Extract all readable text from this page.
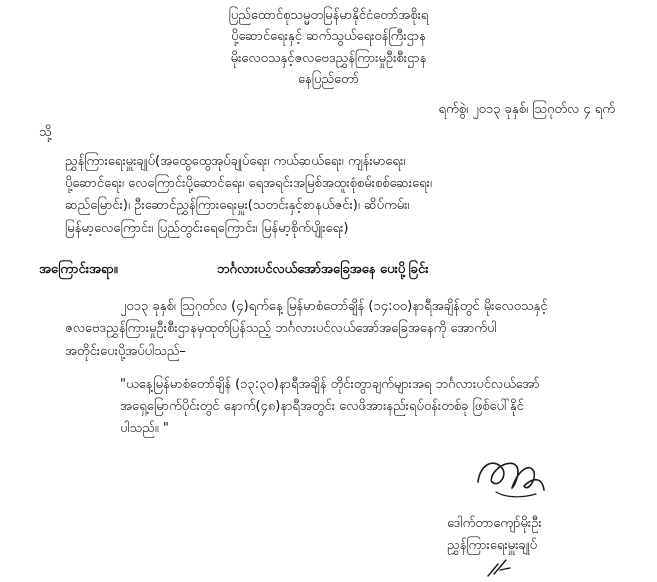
ပြည်ထောင်စုသမ္မတမြန်မာနိုင်ငံတော်အစိုးရ
ပို့ဆောင်ရေးနှင့် ဆက်သွယ်ရေးဝန်ကြီးဌာန
မိုးလေဝသနှင့်ဇလဗေဒညွှန်ကြားမှုဦးစီးဌာန
နေပြည်တော်
ရက်စွဲ၊ ၂၀၁၃ ခုနှစ်၊ ဩဂုတ်လ ၄ ရက်
သို့
ညွှန်ကြားရေးမှူးချုပ်(အထွေထွေအုပ်ချုပ်ရေး၊ ကယ်ဆယ်ရေး၊ ကျန်းမာရေး၊
ပို့ဆောင်ရေး၊ လေကြောင်းပို့ဆောင်ရေး၊ ရေအရင်းအမြစ်အထူးစုံစမ်းစစ်ဆေးရေး၊
ဆည်မြောင်း)၊ ဦးဆောင်ညွှန်ကြားရေးမှူး(သတင်းနှင့်စာနယ်ဇင်း)၊ ဆိပ်ကမ်း၊
မြန်မာ့လေကြောင်း၊ ပြည်တွင်းရေကြောင်း၊ မြန်မာ့စိုက်ပျိုးရေး)
အကြောင်းအရာ။	ဘင်္ဂလားပင်လယ်အော်အခြေအနေ ပေးပို့ခြင်း
၂၀၁၃ ခုနှစ်၊ ဩဂုတ်လ (၄)ရက်နေ့ မြန်မာစံတော်ချိန် (၁၄:၀၀)နာရီအချိန်တွင် မိုးလေဝသနှင့်
ဇလဗေဒညွှန်ကြားမှုဦးစီးဌာနမှထုတ်ပြန်သည့် ဘင်္ဂလားပင်လယ်အော်အခြေအနေကို အောက်ပါ
အတိုင်းပေးပို့အပ်ပါသည်–
"ယနေ့မြန်မာစံတော်ချိန် (၁၃:၃၀)နာရီအချိန် တိုင်းတွာချက်များအရ ဘင်္ဂလားပင်လယ်အော်
အရှေ့မြောက်ပိုင်းတွင် နောက်(၄၈)နာရီအတွင်း လေဖိအားနည်းရပ်ဝန်းတစ်ခု ဖြစ်ပေါ်နိုင်
ပါသည်။ "
ဒေါက်တာကျော်မိုးဦး
ညွှန်ကြားရေးမှူးချုပ်
